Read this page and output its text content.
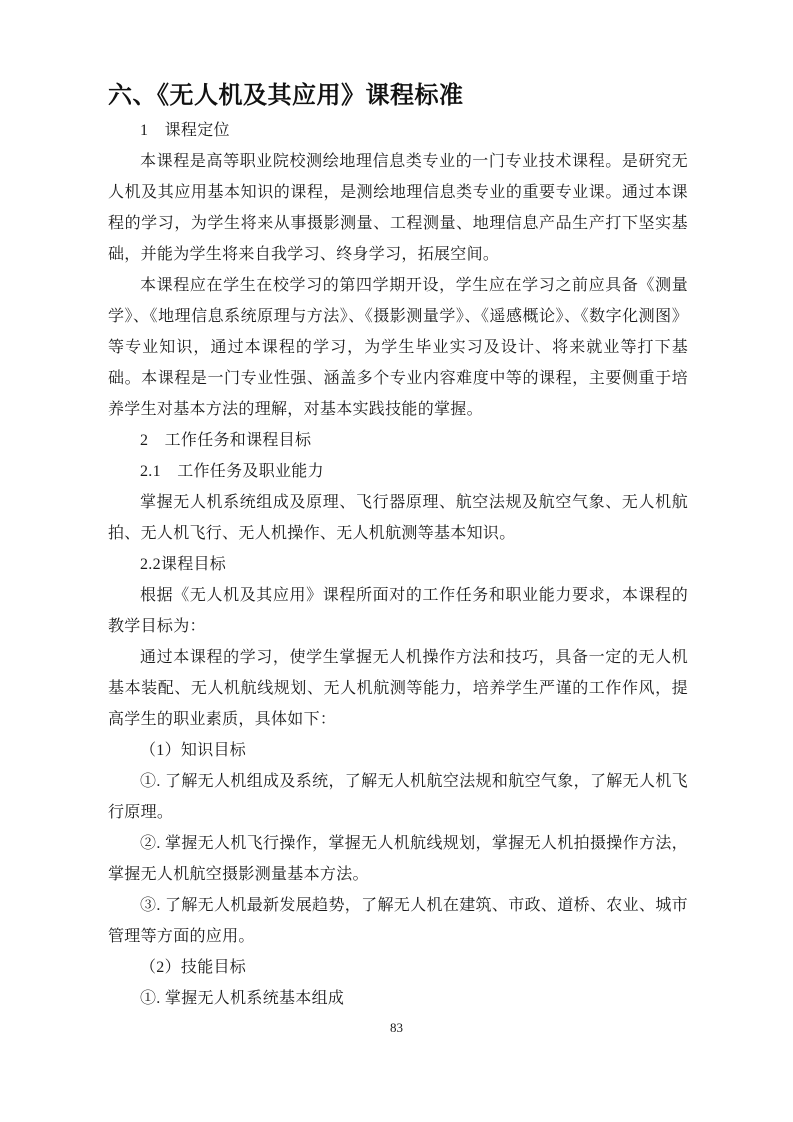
六、《无人机及其应用》课程标准

1　课程定位

本课程是高等职业院校测绘地理信息类专业的一门专业技术课程。是研究无人机及其应用基本知识的课程，是测绘地理信息类专业的重要专业课。通过本课程的学习，为学生将来从事摄影测量、工程测量、地理信息产品生产打下坚实基础，并能为学生将来自我学习、终身学习，拓展空间。

本课程应在学生在校学习的第四学期开设，学生应在学习之前应具备《测量学》、《地理信息系统原理与方法》、《摄影测量学》、《遥感概论》、《数字化测图》等专业知识，通过本课程的学习，为学生毕业实习及设计、将来就业等打下基础。本课程是一门专业性强、涵盖多个专业内容难度中等的课程，主要侧重于培养学生对基本方法的理解，对基本实践技能的掌握。

2　工作任务和课程目标

2.1　工作任务及职业能力

掌握无人机系统组成及原理、飞行器原理、航空法规及航空气象、无人机航拍、无人机飞行、无人机操作、无人机航测等基本知识。

2.2课程目标

根据《无人机及其应用》课程所面对的工作任务和职业能力要求，本课程的教学目标为：

通过本课程的学习，使学生掌握无人机操作方法和技巧，具备一定的无人机基本装配、无人机航线规划、无人机航测等能力，培养学生严谨的工作作风，提高学生的职业素质，具体如下：

（1）知识目标

①. 了解无人机组成及系统，了解无人机航空法规和航空气象，了解无人机飞行原理。

②. 掌握无人机飞行操作，掌握无人机航线规划，掌握无人机拍摄操作方法，掌握无人机航空摄影测量基本方法。

③. 了解无人机最新发展趋势，了解无人机在建筑、市政、道桥、农业、城市管理等方面的应用。

（2）技能目标

①. 掌握无人机系统基本组成

83
